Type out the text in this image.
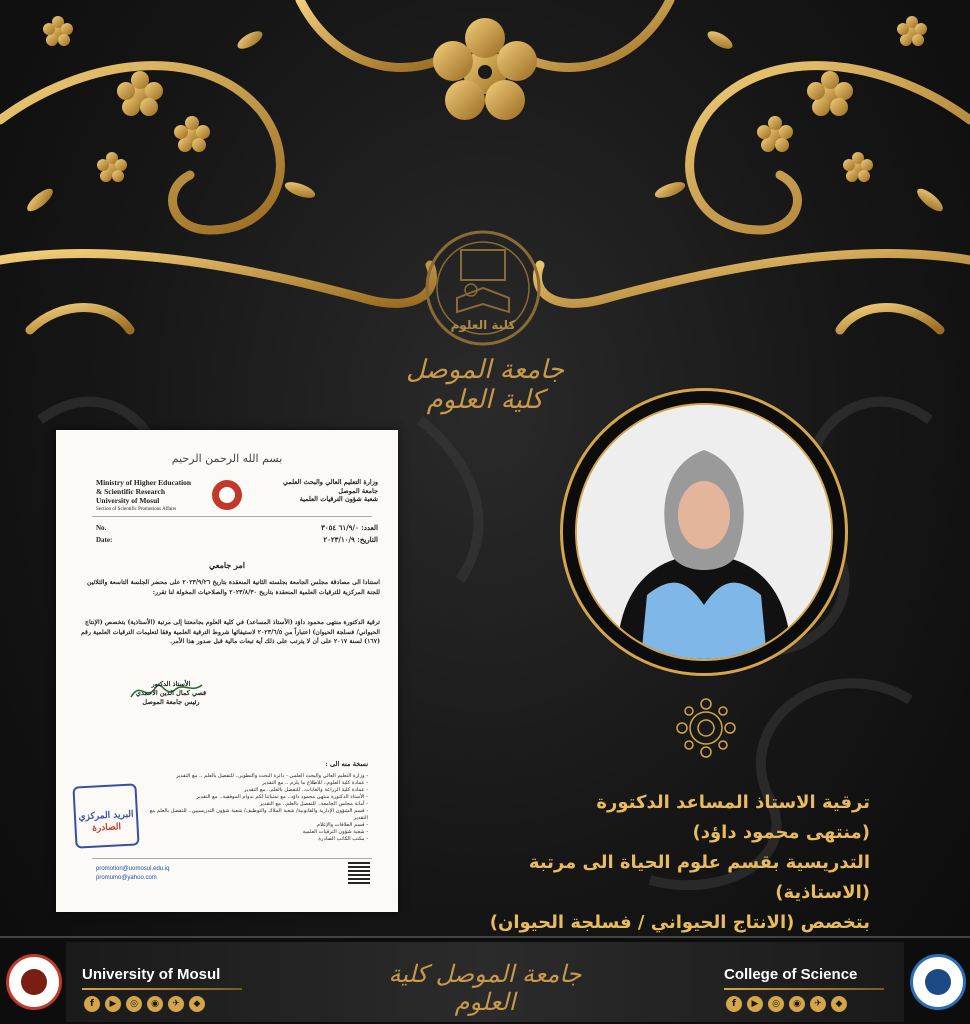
كلية العلوم
جامعة الموصل كلية العلوم
بسم الله الرحمن الرحيم
Ministry of Higher Education
& Scientific Research
University of Mosul
Section of Scientific Promotions Affairs
وزارة التعليم العالي والبحث العلمي
جامعة الموصل
شعبة شؤون الترقيات العلمية
No.
Date:
العدد: ٦١/٩/٠ ٣٠٥٤
التاريخ: ٢٠٢٣/١٠/٩
امر جامعي
استنادا الى مصادقة مجلس الجامعة بجلسته الثانية المنعقدة بتاريخ ٢٠٢٣/٩/٢٦ على محضر الجلسة التاسعة والثلاثين للجنة المركزية للترقيات العلمية المنعقدة بتاريخ ٢٠٢٣/٨/٣٠ والصلاحيات المخولة لنا تقرر:
ترقية الدكتورة منتهى محمود داؤد (الأستاذ المساعد) في كلية العلوم بجامعتنا إلى مرتبة (الأستاذية) بتخصص (الإنتاج الحيواني/ فسلجة الحيوان) اعتباراً من ٢٠٢٣/٦/٥ لاستيفائها شروط الترقية العلمية وفقا لتعليمات الترقيات العلمية رقم (١٦٧) لسنة ٢٠١٧ على أن لا يترتب على ذلك أية تبعات مالية قبل صدور هذا الأمر.
الأستاذ الدكتور
قصي كمال الدين الاحمدي
رئيس جامعة الموصل
نسخة منه الى :
- وزارة التعليم العالي والبحث العلمي - دائرة البحث والتطوير.. للتفضل بالعلم .. مع التقدير
- عمادة كلية العلوم.. للاطلاع ما يلزم .. مع التقدير
- عمادة كلية الزراعة والغابات.. للتفضل بالعلم.. مع التقدير
- الأستاذ الدكتورة منتهى محمود داؤد.. مع تمنياتنا لكم بدوام الموفقية.. مع التقدير
- أمانة مجلس الجامعة.. للتفضل بالعلم.. مع التقدير
- قسم الشؤون الإدارية والقانونية/ شعبة الملاك والتوظيف/ شعبة شؤون التدريسيين.. للتفضل بالعلم مع التقدير
- قسم العلاقات والإعلام
- شعبة شؤون الترقيات العلمية
- مكتب الكاتب الصادرة
البريد المركزي
الصادرة
promotion@uomosul.edu.iq
promumo@yahoo.com
ترقية الاستاذ المساعد الدكتورة
(منتهى محمود داؤد)
التدريسية بقسم علوم الحياة الى مرتبة (الاستاذية)
بتخصص (الانتاج الحيواني / فسلجة الحيوان)
University of Mosul
f	▶	◎	◉	✈	◆
جامعة الموصل كلية العلوم
College of Science
f	▶	◎	◉	✈	◆
